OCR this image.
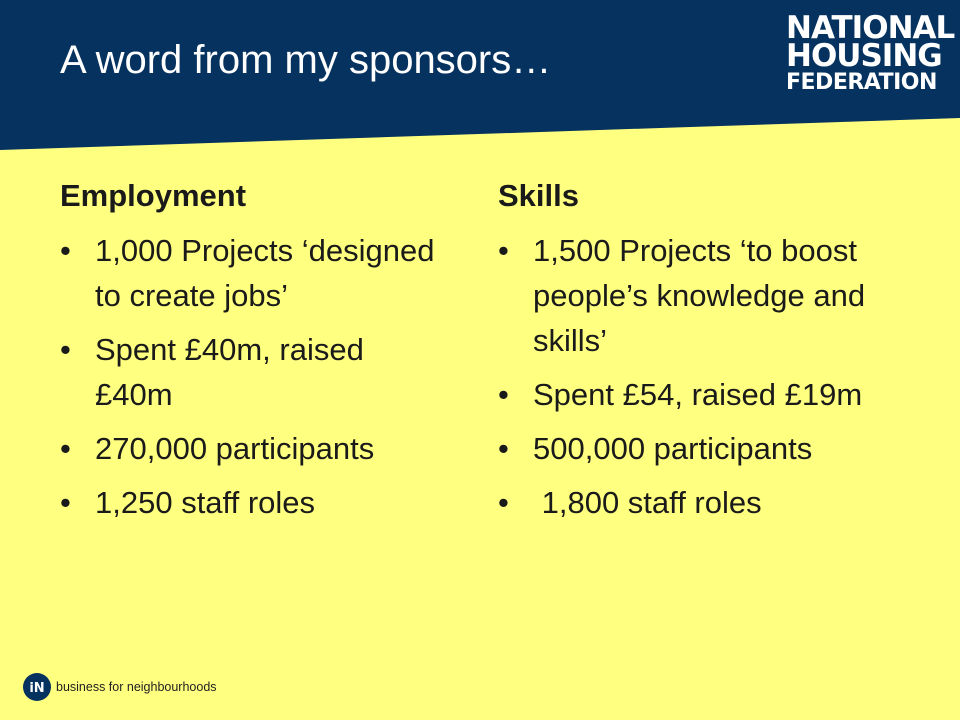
A word from my sponsors…
NATIONAL
HOUSING
FEDERATION
Employment
• 1,000 Projects ‘designed to create jobs’
• Spent £40m, raised £40m
• 270,000 participants
• 1,250 staff roles
Skills
• 1,500 Projects ‘to boost people’s knowledge and skills’
• Spent £54, raised £19m
• 500,000 participants
• 1,800 staff roles
iN business for neighbourhoods
